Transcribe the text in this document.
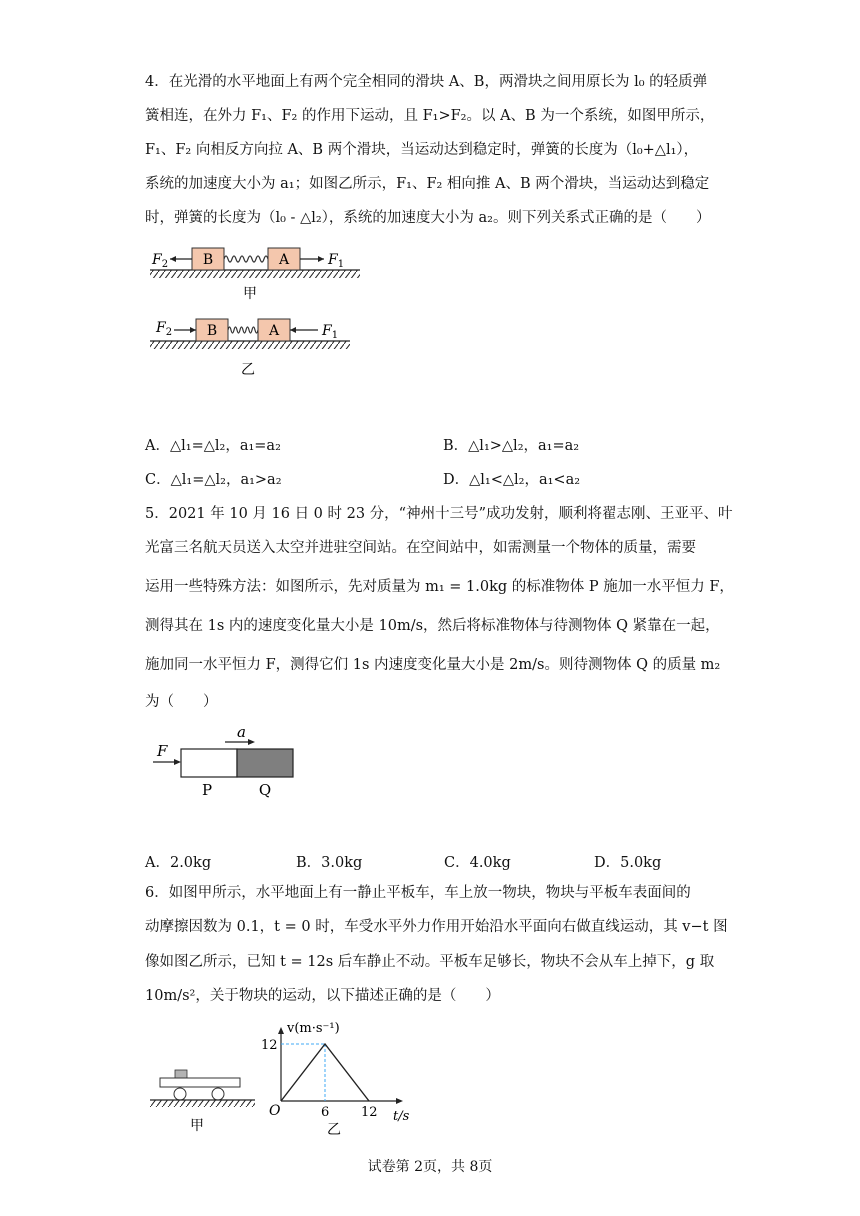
4．在光滑的水平地面上有两个完全相同的滑块 A、B，两滑块之间用原长为 l₀ 的轻质弹
簧相连，在外力 F₁、F₂ 的作用下运动，且 F₁>F₂。以 A、B 为一个系统，如图甲所示，
F₁、F₂ 向相反方向拉 A、B 两个滑块，当运动达到稳定时，弹簧的长度为（l₀+△l₁），
系统的加速度大小为 a₁；如图乙所示，F₁、F₂ 相向推 A、B 两个滑块，当运动达到稳定
时，弹簧的长度为（l₀ - △l₂），系统的加速度大小为 a₂。则下列关系式正确的是（　　）
B	A
$F_2$	$F_1$
甲
B	A
$F_2$	$F_1$
乙
A．△l₁=△l₂，a₁=a₂	B．△l₁>△l₂，a₁=a₂
C．△l₁=△l₂，a₁>a₂	D．△l₁<△l₂，a₁<a₂
5．2021 年 10 月 16 日 0 时 23 分，“神州十三号”成功发射，顺利将翟志刚、王亚平、叶
光富三名航天员送入太空并进驻空间站。在空间站中，如需测量一个物体的质量，需要
运用一些特殊方法：如图所示，先对质量为 m₁ = 1.0kg 的标准物体 P 施加一水平恒力 F，
测得其在 1s 内的速度变化量大小是 10m/s，然后将标准物体与待测物体 Q 紧靠在一起，
施加同一水平恒力 F，测得它们 1s 内速度变化量大小是 2m/s。则待测物体 Q 的质量 m₂
为（　　）
F
a
P	Q
A．2.0kg	B．3.0kg	C．4.0kg	D．5.0kg
6．如图甲所示，水平地面上有一静止平板车，车上放一物块，物块与平板车表面间的
动摩擦因数为 0.1，t = 0 时，车受水平外力作用开始沿水平面向右做直线运动，其 v−t 图
像如图乙所示，已知 t = 12s 后车静止不动。平板车足够长，物块不会从车上掉下，g 取
10m/s²，关于物块的运动，以下描述正确的是（　　）
甲
v(m·s⁻¹)
t/s
12
O	6 12
乙
试卷第 2页，共 8页
